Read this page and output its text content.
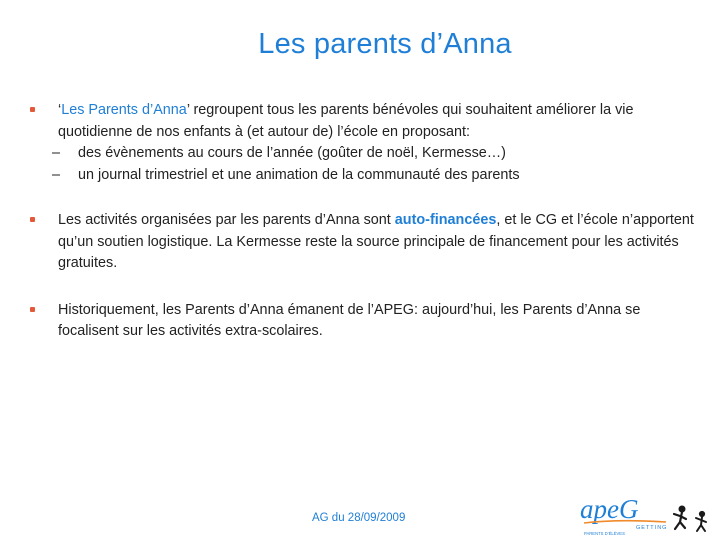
Les parents d’Anna
‘Les Parents d’Anna’ regroupent tous les parents bénévoles qui souhaitent améliorer la vie quotidienne de nos enfants à (et autour de) l’école en proposant:
– des évènements au cours de l’année (goûter de noël, Kermesse…)
– un journal trimestriel et une animation de la communauté des parents
Les activités organisées par les parents d’Anna sont auto-financées, et le CG et l’école n’apportent qu’un soutien logistique. La Kermesse reste la source principale de financement pour les activités gratuites.
Historiquement, les Parents d’Anna émanent de l’APEG: aujourd’hui, les Parents d’Anna se focalisent sur les activités extra-scolaires.
AG du 28/09/2009	apeG
GETTING
PARENTS D’ÉLÈVES
